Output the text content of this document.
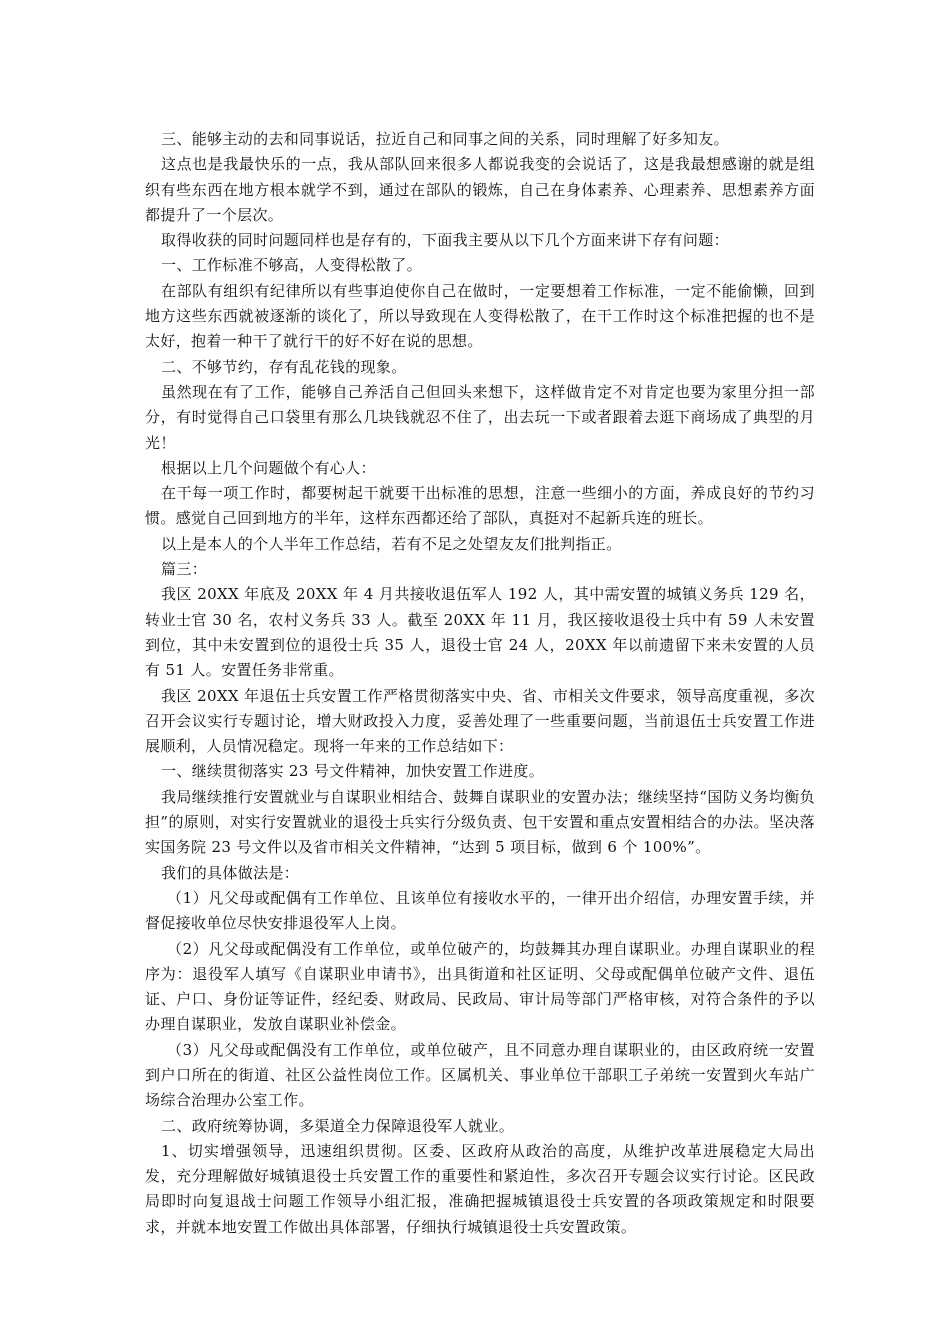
三、能够主动的去和同事说话，拉近自己和同事之间的关系，同时理解了好多知友。

这点也是我最快乐的一点，我从部队回来很多人都说我变的会说话了，这是我最想感谢的就是组织有些东西在地方根本就学不到，通过在部队的锻炼，自己在身体素养、心理素养、思想素养方面都提升了一个层次。

取得收获的同时问题同样也是存有的，下面我主要从以下几个方面来讲下存有问题：

一、工作标准不够高，人变得松散了。

在部队有组织有纪律所以有些事迫使你自己在做时，一定要想着工作标准，一定不能偷懒，回到地方这些东西就被逐渐的谈化了，所以导致现在人变得松散了，在干工作时这个标准把握的也不是太好，抱着一种干了就行干的好不好在说的思想。

二、不够节约，存有乱花钱的现象。

虽然现在有了工作，能够自己养活自己但回头来想下，这样做肯定不对肯定也要为家里分担一部分，有时觉得自己口袋里有那么几块钱就忍不住了，出去玩一下或者跟着去逛下商场成了典型的月光！

根据以上几个问题做个有心人：

在干每一项工作时，都要树起干就要干出标准的思想，注意一些细小的方面，养成良好的节约习惯。感觉自己回到地方的半年，这样东西都还给了部队，真挺对不起新兵连的班长。

以上是本人的个人半年工作总结，若有不足之处望友友们批判指正。

篇三：

我区 20XX 年底及 20XX 年 4 月共接收退伍军人 192 人，其中需安置的城镇义务兵 129 名，转业士官 30 名，农村义务兵 33 人。截至 20XX 年 11 月，我区接收退役士兵中有 59 人未安置到位，其中未安置到位的退役士兵 35 人，退役士官 24 人，20XX 年以前遗留下来未安置的人员有 51 人。安置任务非常重。

我区 20XX 年退伍士兵安置工作严格贯彻落实中央、省、市相关文件要求，领导高度重视，多次召开会议实行专题讨论，增大财政投入力度，妥善处理了一些重要问题，当前退伍士兵安置工作进展顺利，人员情况稳定。现将一年来的工作总结如下：

一、继续贯彻落实 23 号文件精神，加快安置工作进度。

我局继续推行安置就业与自谋职业相结合、鼓舞自谋职业的安置办法；继续坚持“国防义务均衡负担”的原则，对实行安置就业的退役士兵实行分级负责、包干安置和重点安置相结合的办法。坚决落实国务院 23 号文件以及省市相关文件精神，“达到 5 项目标，做到 6 个 100%”。

我们的具体做法是：

（1）凡父母或配偶有工作单位、且该单位有接收水平的，一律开出介绍信，办理安置手续，并督促接收单位尽快安排退役军人上岗。

（2）凡父母或配偶没有工作单位，或单位破产的，均鼓舞其办理自谋职业。办理自谋职业的程序为：退役军人填写《自谋职业申请书》，出具街道和社区证明、父母或配偶单位破产文件、退伍证、户口、身份证等证件，经纪委、财政局、民政局、审计局等部门严格审核，对符合条件的予以办理自谋职业，发放自谋职业补偿金。

（3）凡父母或配偶没有工作单位，或单位破产，且不同意办理自谋职业的，由区政府统一安置到户口所在的街道、社区公益性岗位工作。区属机关、事业单位干部职工子弟统一安置到火车站广场综合治理办公室工作。

二、政府统筹协调，多渠道全力保障退役军人就业。

1、切实增强领导，迅速组织贯彻。区委、区政府从政治的高度，从维护改革进展稳定大局出发，充分理解做好城镇退役士兵安置工作的重要性和紧迫性，多次召开专题会议实行讨论。区民政局即时向复退战士问题工作领导小组汇报，准确把握城镇退役士兵安置的各项政策规定和时限要求，并就本地安置工作做出具体部署，仔细执行城镇退役士兵安置政策。
